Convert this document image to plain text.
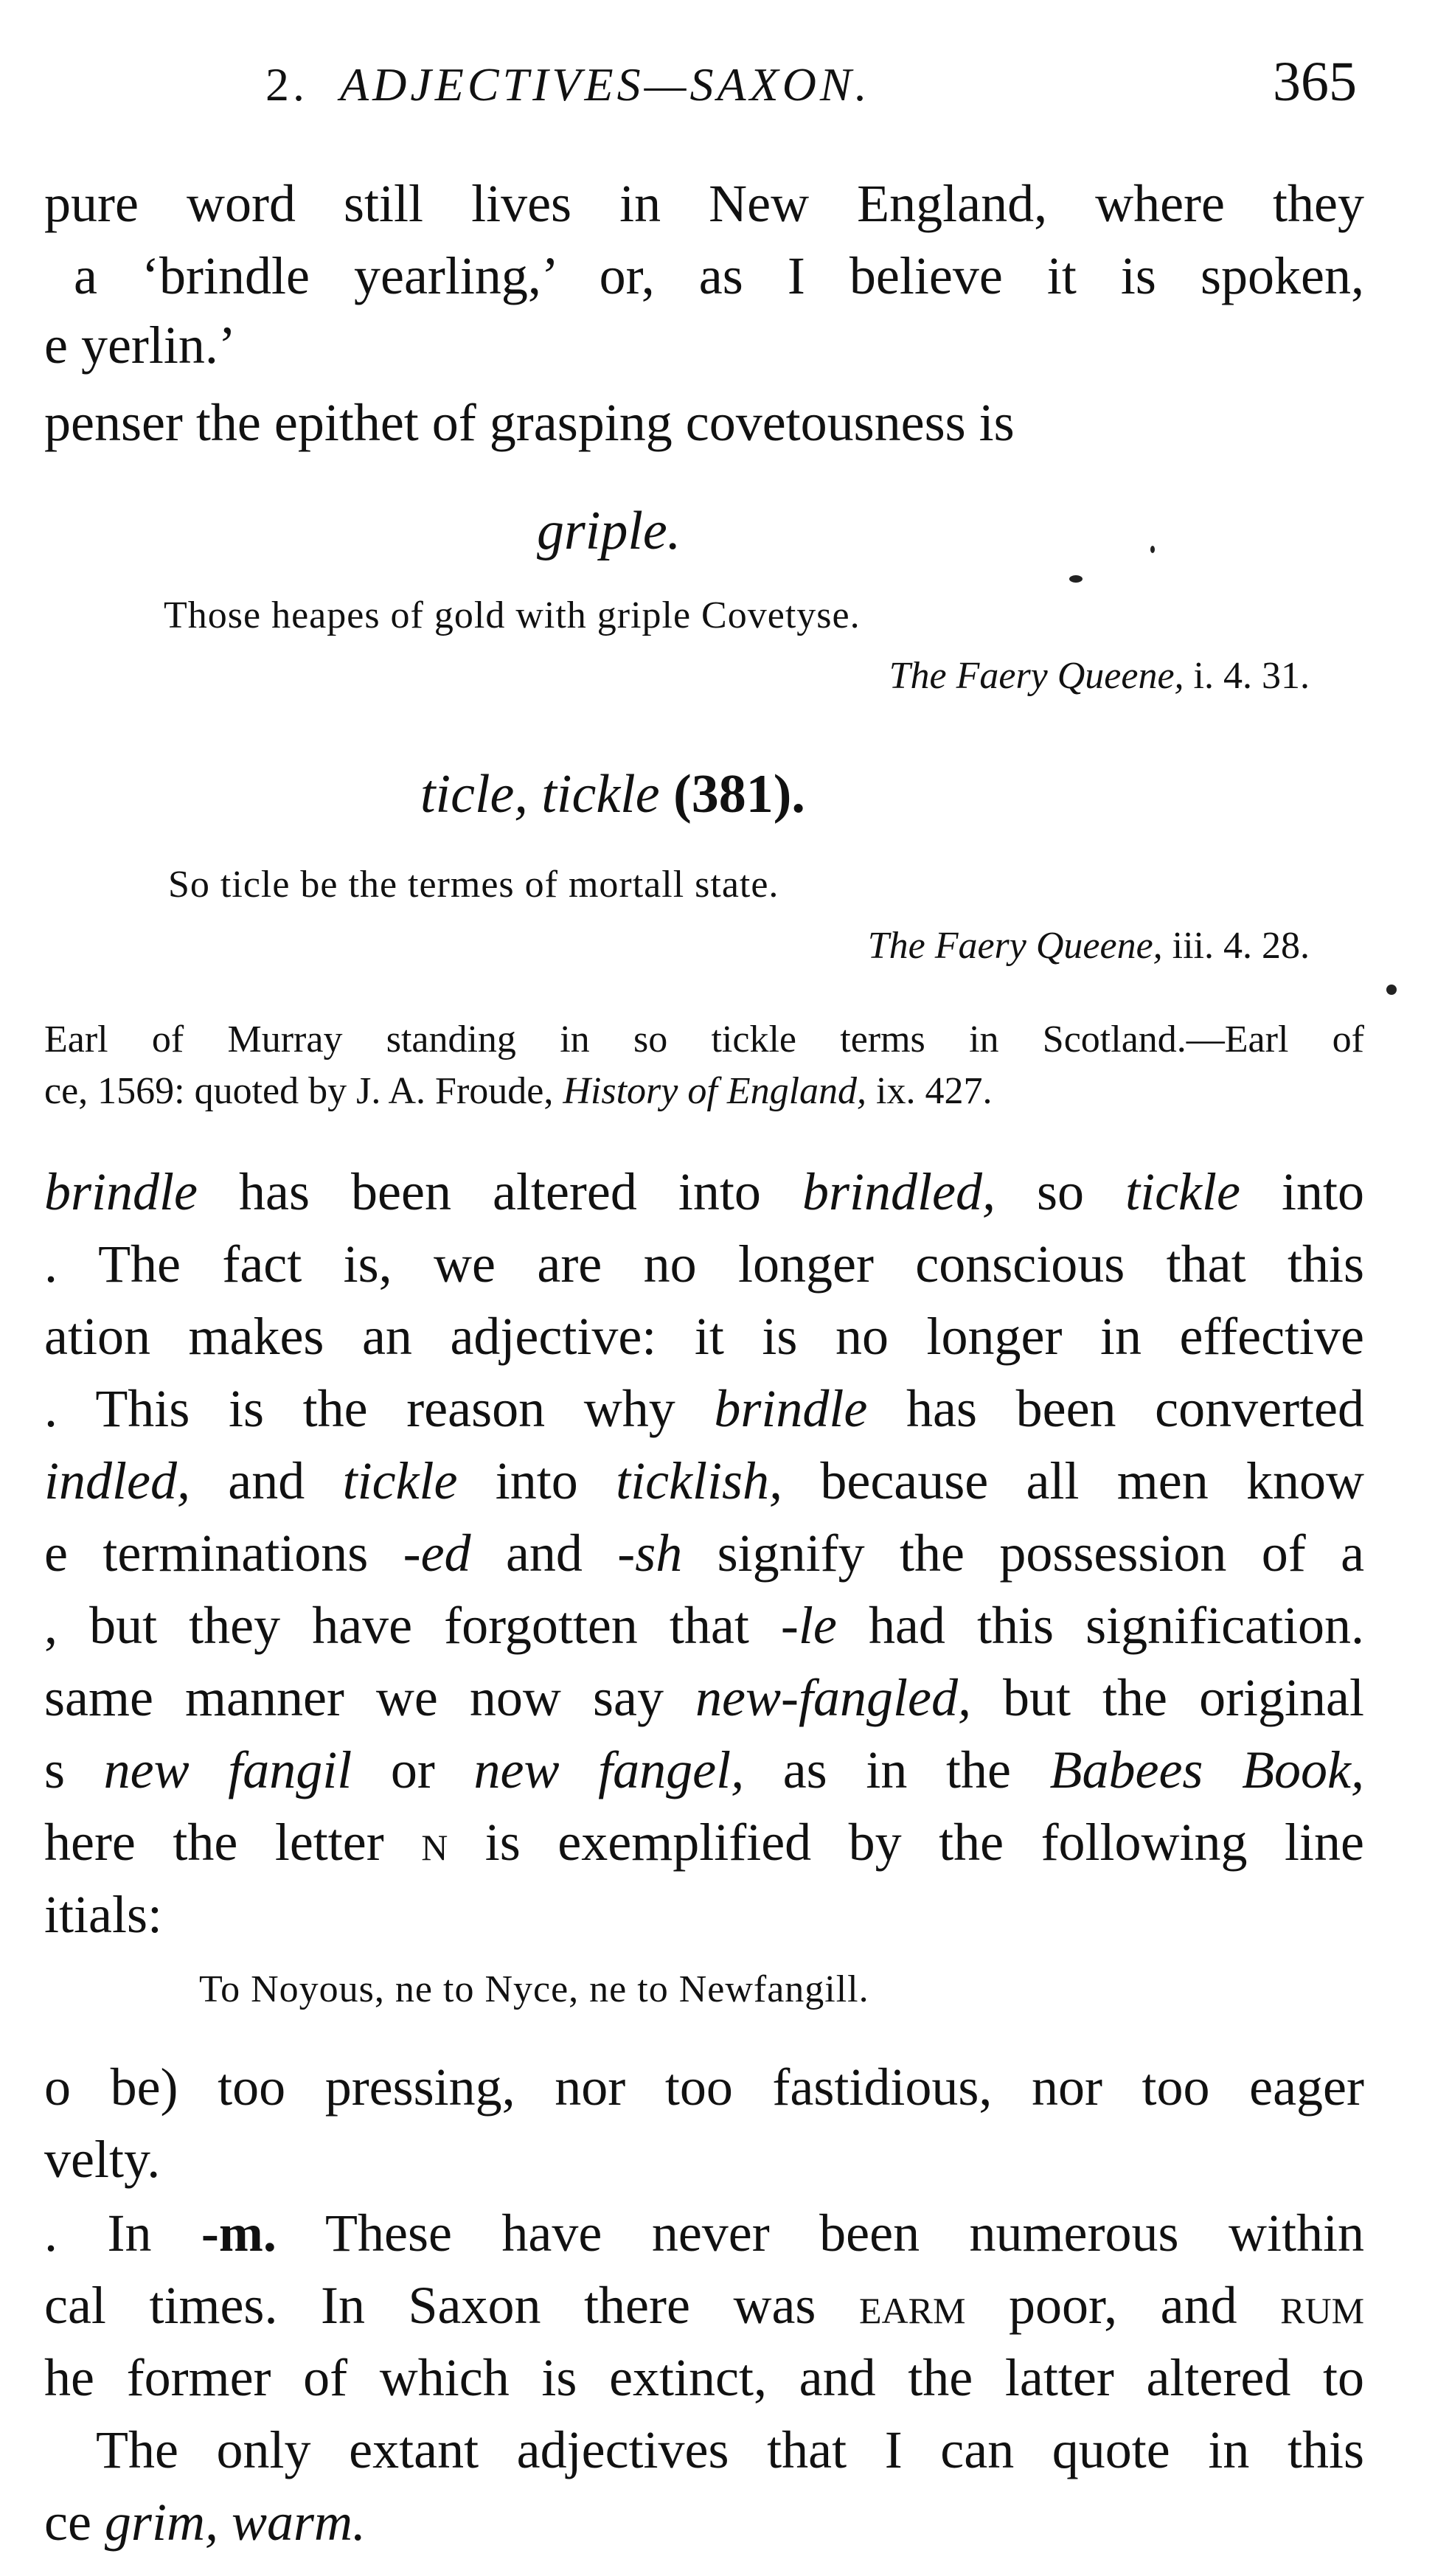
2. ADJECTIVES—SAXON.	365
pure word still lives in New England, where they
a ‘brindle yearling,’ or, as I believe it is spoken,
e yerlin.’
penser the epithet of grasping covetousness is
griple.
Those heapes of gold with griple Covetyse.
The Faery Queene, i. 4. 31.
ticle, tickle (381).
So ticle be the termes of mortall state.
The Faery Queene, iii. 4. 28.
Earl of Murray standing in so tickle terms in Scotland.—Earl of
ce, 1569: quoted by J. A. Froude, History of England, ix. 427.
brindle has been altered into brindled, so tickle into
. The fact is, we are no longer conscious that this
ation makes an adjective: it is no longer in effective
. This is the reason why brindle has been converted
indled, and tickle into ticklish, because all men know
e terminations -ed and -sh signify the possession of a
, but they have forgotten that -le had this signification.
same manner we now say new-fangled, but the original
s new fangil or new fangel, as in the Babees Book,
here the letter n is exemplified by the following line
itials:
To Noyous, ne to Nyce, ne to Newfangill.
o be) too pressing, nor too fastidious, nor too eager
velty.
. In -m. These have never been numerous within
cal times. In Saxon there was earm poor, and rum
he former of which is extinct, and the latter altered to
The only extant adjectives that I can quote in this
ce grim, warm.
